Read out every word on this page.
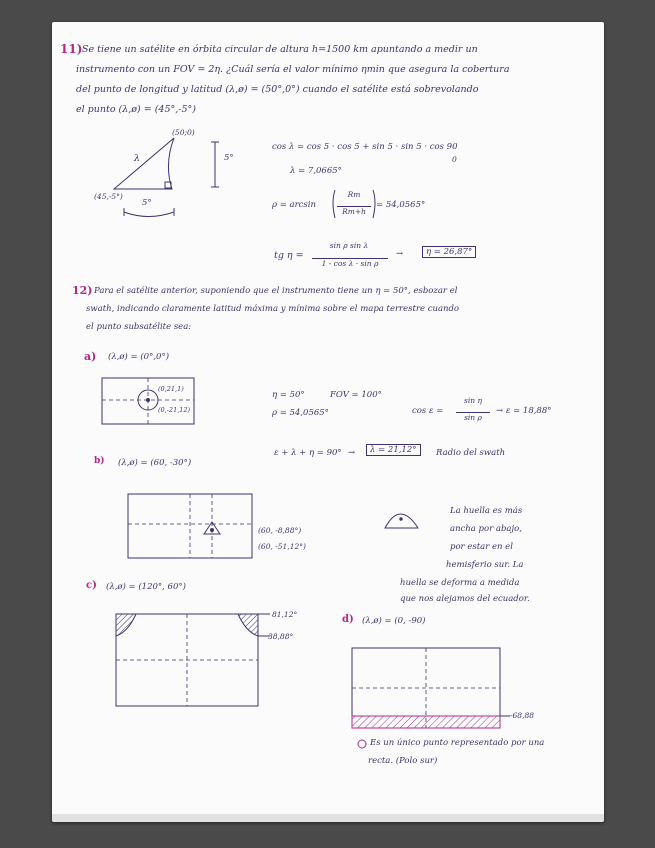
11) Se tiene un satélite en órbita circular de altura h=1500 km apuntando a medir un
instrumento con un FOV = 2η. ¿Cuál sería el valor mínimo ηmin que asegura la cobertura
del punto de longitud y latitud (λ,ø) = (50°,0°) cuando el satélite está sobrevolando
el punto (λ,ø) = (45°,-5°)
(50;0)
(45,-5°)
λ	5°
5°
cos λ = cos 5 · cos 5 + sin 5 · sin 5 · cos 90
0
λ = 7,0665°
ρ = arcsin
Rт
Rт+h
= 54,0565°
tg η =
sin ρ sin λ
1 - cos λ · sin ρ
→	η = 26,87°
12) Para el satélite anterior, suponiendo que el instrumento tiene un η = 50°, esbozar el
swath, indicando claramente latitud máxima y mínima sobre el mapa terrestre cuando
el punto subsatélite sea:
a) (λ,ø) = (0°,0°)
(0,21,1)
(0,-21,12)
η = 50°
ρ = 54,0565°
FOV = 100°
cos ε =
sin η
sin ρ
→ ε = 18,88°
ε + λ + η = 90° →	λ = 21,12°	Radio del swath
b) (λ,ø) = (60, -30°)
(60, -8,88°)
(60, -51,12°)
La huella es más
ancha por abajo,
por estar en el
hemisferio sur. La
huella se deforma a medida
que nos alejamos del ecuador.
c) (λ,ø) = (120°, 60°)
81,12°
38,88°
d) (λ,ø) = (0, -90)
-68,88
Es un único punto representado por una
recta. (Polo sur)
